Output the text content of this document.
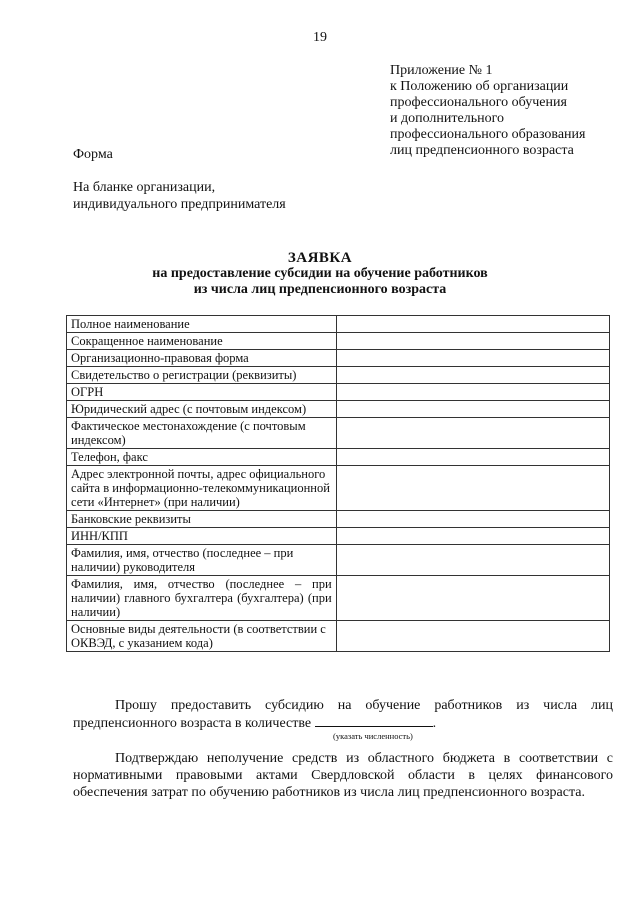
19
Приложение № 1
к Положению об организации
профессионального обучения
и дополнительного
профессионального образования
лиц предпенсионного возраста
Форма
На бланке организации,
индивидуального предпринимателя
ЗАЯВКА
на предоставление субсидии на обучение работников
из числа лиц предпенсионного возраста
Полное наименование	
Сокращенное наименование	
Организационно-правовая форма	
Свидетельство о регистрации (реквизиты)	
ОГРН	
Юридический адрес (с почтовым индексом)	
Фактическое местонахождение (с почтовым индексом)	
Телефон, факс	
Адрес электронной почты, адрес официального сайта в информационно-телекоммуникационной сети «Интернет» (при наличии)	
Банковские реквизиты	
ИНН/КПП	
Фамилия, имя, отчество (последнее – при наличии) руководителя	
Фамилия, имя, отчество (последнее – при наличии) главного бухгалтера (бухгалтера) (при наличии)	
Основные виды деятельности (в соответствии с ОКВЭД, с указанием кода)	
Прошу предоставить субсидию на обучение работников из числа лиц
предпенсионного возраста в количестве	.
(указать численность)
Подтверждаю неполучение средств из областного бюджета в соответствии с нормативными правовыми актами Свердловской области в целях финансового обеспечения затрат по обучению работников из числа лиц предпенсионного возраста.
